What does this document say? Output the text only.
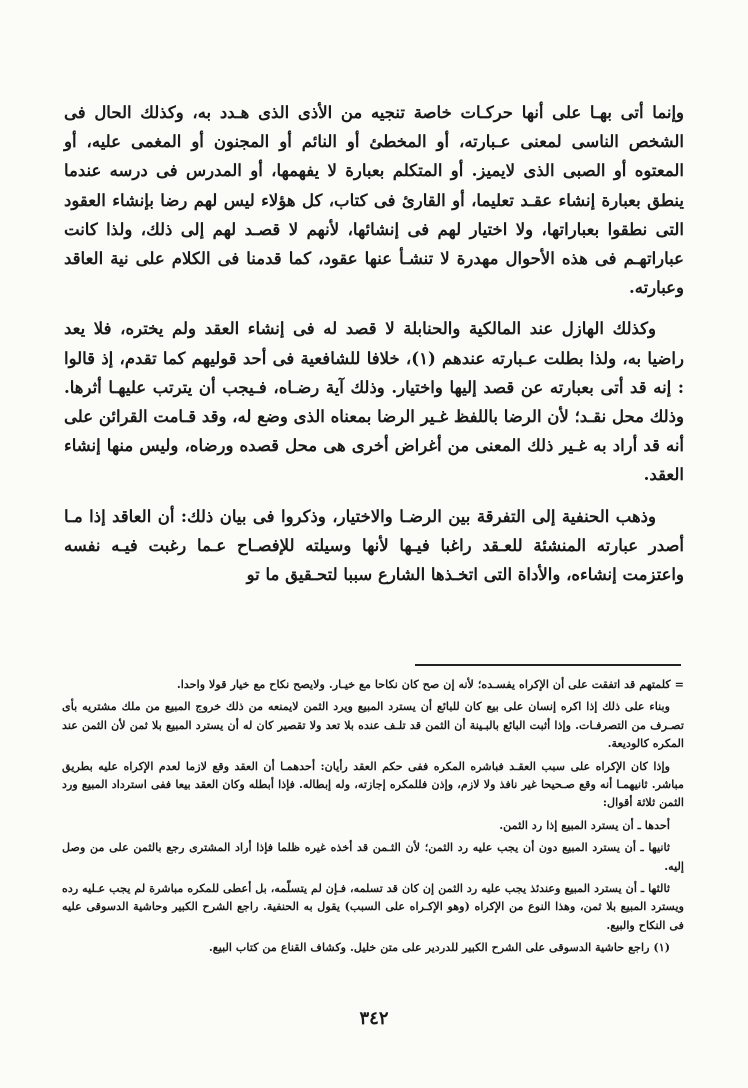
وإنما أتى بهـا على أنها حركـات خاصة تنجيه من الأذى الذى هـدد به، وكذلك الحال فى الشخص الناسى لمعنى عـبارته، أو المخطئ أو النائم أو المجنون أو المغمى عليه، أو المعتوه أو الصبى الذى لايميز. أو المتكلم بعبارة لا يفهمها، أو المدرس فى درسه عندما ينطق بعبارة إنشاء عقـد تعليما، أو القارئ فى كتاب، كل هؤلاء ليس لهم رضا بإنشاء العقود التى نطقوا بعباراتها، ولا اختيار لهم فى إنشائها، لأنهم لا قصـد لهم إلى ذلك، ولذا كانت عباراتهـم فى هذه الأحوال مهدرة لا تنشـأ عنها عقود، كما قدمنا فى الكلام على نية العاقد وعبارته.

وكذلك الهازل عند المالكية والحنابلة لا قصد له فى إنشاء العقد ولم يختره، فلا يعد راضيا به، ولذا بطلت عـبارته عندهم (١)، خلافا للشافعية فى أحد قوليهم كما تقدم، إذ قالوا : إنه قد أتى بعبارته عن قصد إليها واختيار. وذلك آية رضـاه، فـيجب أن يترتب عليهـا أثرها. وذلك محل نقـد؛ لأن الرضا باللفظ غـير الرضا بمعناه الذى وضع له، وقد قـامت القرائن على أنه قد أراد به غـير ذلك المعنى من أغراض أخرى هى محل قصده ورضاه، وليس منها إنشاء العقد.

وذهب الحنفية إلى التفرقة بين الرضـا والاختيار، وذكروا فى بيان ذلك: أن العاقد إذا مـا أصدر عبارته المنشئة للعـقد راغبا فيـها لأنها وسيلته للإفصـاح عـما رغبت فيـه نفسه واعتزمت إنشاءه، والأداة التى اتخـذها الشارع سببا لتحـقيق ما تو

= كلمتهم قد اتفقت على أن الإكراه يفسـده؛ لأنه إن صح كان نكاحا مع خيـار. ولايصح نكاح مع خيار قولا واحدا.

وبناء على ذلك إذا اكره إنسان على بيع كان للبائع أن يسترد المبيع ويرد الثمن لايمنعه من ذلك خروج المبيع من ملك مشتريه بأى تصـرف من التصرفـات. وإذا أثبت البائع بالبـينة أن الثمن قد تلـف عنده بلا تعد ولا تقصير كان له أن يسترد المبيع بلا ثمن لأن الثمن عند المكره كالوديعة.

وإذا كان الإكراه على سبب العقـد فباشره المكره ففى حكم العقد رأيان: أحدهمـا أن العقد وقع لازما لعدم الإكراه عليه بطريق مباشر. ثانيهمـا أنه وقع صـحيحا غير نافذ ولا لازم، وإذن فللمكره إجازته، وله إبطاله. فإذا أبطله وكان العقد بيعا ففى استرداد المبيع ورد الثمن ثلاثة أقوال:

أحدها ـ أن يسترد المبيع إذا رد الثمن.

ثانيها ـ أن يسترد المبيع دون أن يجب عليه رد الثمن؛ لأن الثـمن قد أخذه غيره ظلما فإذا أراد المشترى رجع بالثمن على من وصل إليه.

ثالثها ـ أن يسترد المبيع وعندئذ يجب عليه رد الثمن إن كان قد تسلمه، فـإن لم يتسلّمه، بل أعطى للمكره مباشرة لم يجب عـليه رده ويسترد المبيع بلا ثمن، وهذا النوع من الإكراه (وهو الإكـراه على السبب) يقول به الحنفية. راجع الشرح الكبير وحاشية الدسوقى عليه فى النكاح والبيع.

(١) راجع حاشية الدسوقى على الشرح الكبير للدردير على متن خليل. وكشاف القناع من كتاب البيع.

٣٤٢
